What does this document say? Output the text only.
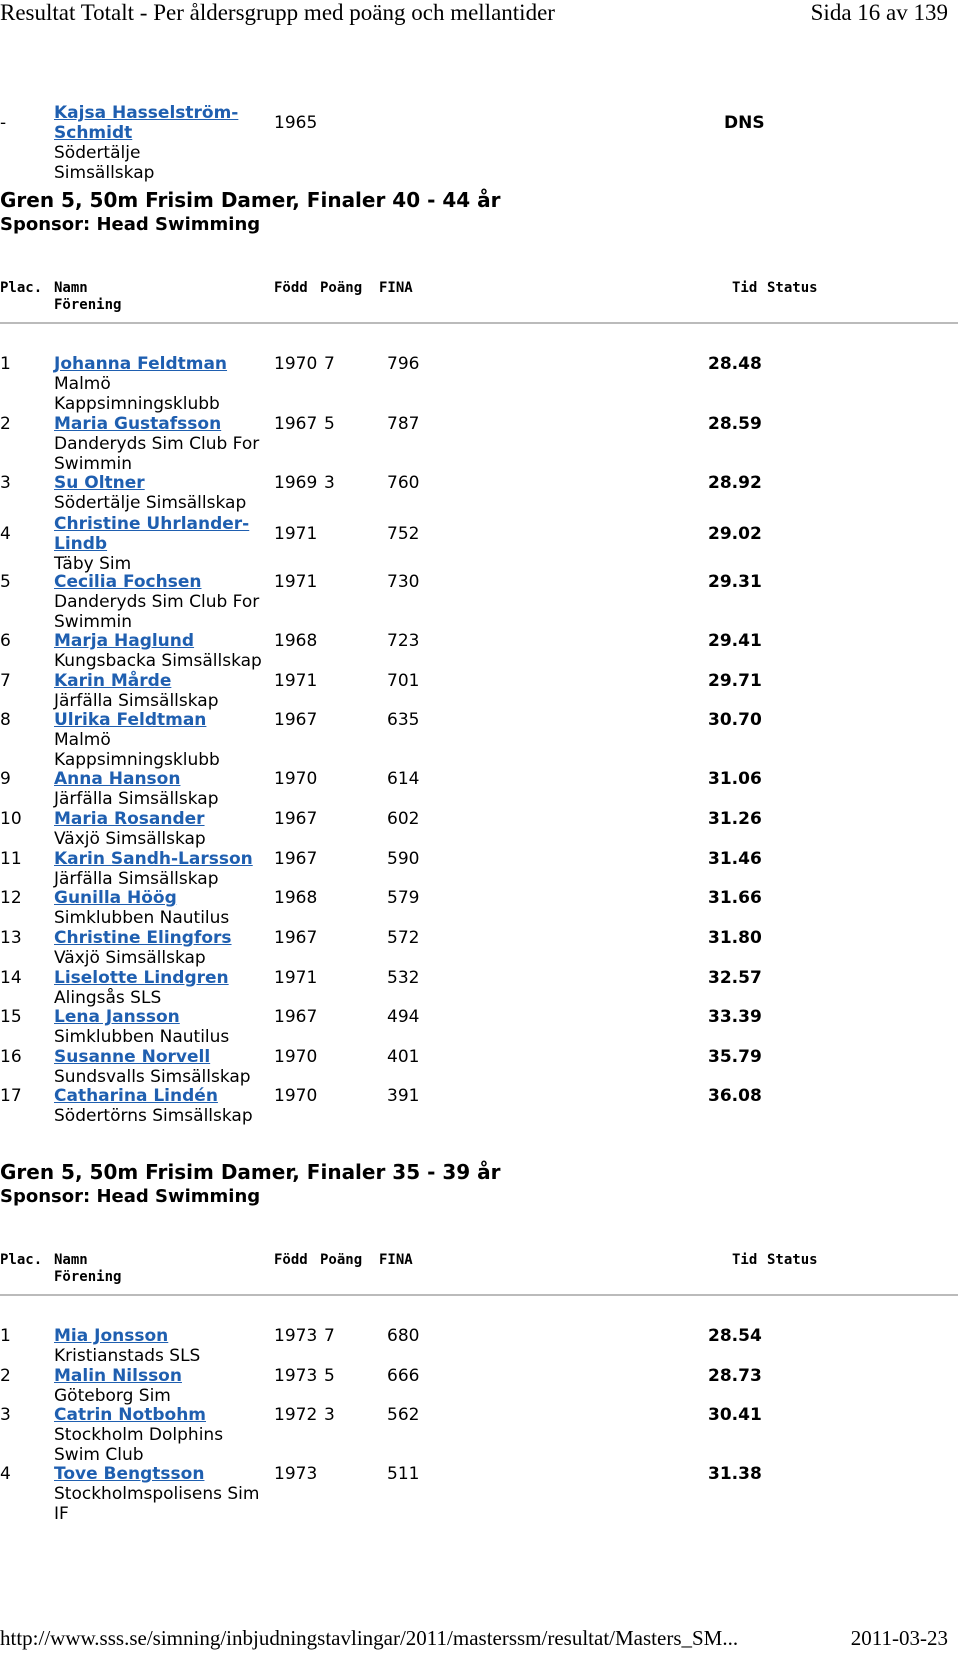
Resultat Totalt - Per åldersgrupp med poäng och mellantider	Sida 16 av 139
-	Kajsa Hasselström-Schmidt
Södertälje Simsällskap
1965	DNS
Gren 5, 50m Frisim Damer, Finaler 40 - 44 år
Sponsor: Head Swimming
Plac. Namn
Förening
Född Poäng FINA	Tid Status
1	Johanna Feldtman
Malmö Kappsimningsklubb
1970 7	796	28.48
2	Maria Gustafsson
Danderyds Sim Club For Swimmin
1967 5	787	28.59
3	Su Oltner
Södertälje Simsällskap
1969 3	760	28.92
4	Christine Uhrlander-Lindb
Täby Sim
1971	752	29.02
5	Cecilia Fochsen
Danderyds Sim Club For Swimmin
1971	730	29.31
6	Marja Haglund
Kungsbacka Simsällskap
1968	723	29.41
7	Karin Mårde
Järfälla Simsällskap
1971	701	29.71
8	Ulrika Feldtman
Malmö Kappsimningsklubb
1967	635	30.70
9	Anna Hanson
Järfälla Simsällskap
1970	614	31.06
10 Maria Rosander
Växjö Simsällskap
1967	602	31.26
11 Karin Sandh-Larsson
Järfälla Simsällskap
1967	590	31.46
12 Gunilla Höög
Simklubben Nautilus
1968	579	31.66
13 Christine Elingfors
Växjö Simsällskap
1967	572	31.80
14 Liselotte Lindgren
Alingsås SLS
1971	532	32.57
15 Lena Jansson
Simklubben Nautilus
1967	494	33.39
16 Susanne Norvell
Sundsvalls Simsällskap
1970	401	35.79
17 Catharina Lindén
Södertörns Simsällskap
1970	391	36.08
Gren 5, 50m Frisim Damer, Finaler 35 - 39 år
Sponsor: Head Swimming
Plac. Namn
Förening
Född Poäng FINA	Tid Status
1	Mia Jonsson
Kristianstads SLS
1973 7	680	28.54
2	Malin Nilsson
Göteborg Sim
1973 5	666	28.73
3	Catrin Notbohm
Stockholm Dolphins Swim Club
1972 3	562	30.41
4	Tove Bengtsson
Stockholmspolisens Sim IF
1973	511	31.38
http://www.sss.se/simning/inbjudningstavlingar/2011/masterssm/resultat/Masters_SM...	2011-03-23
